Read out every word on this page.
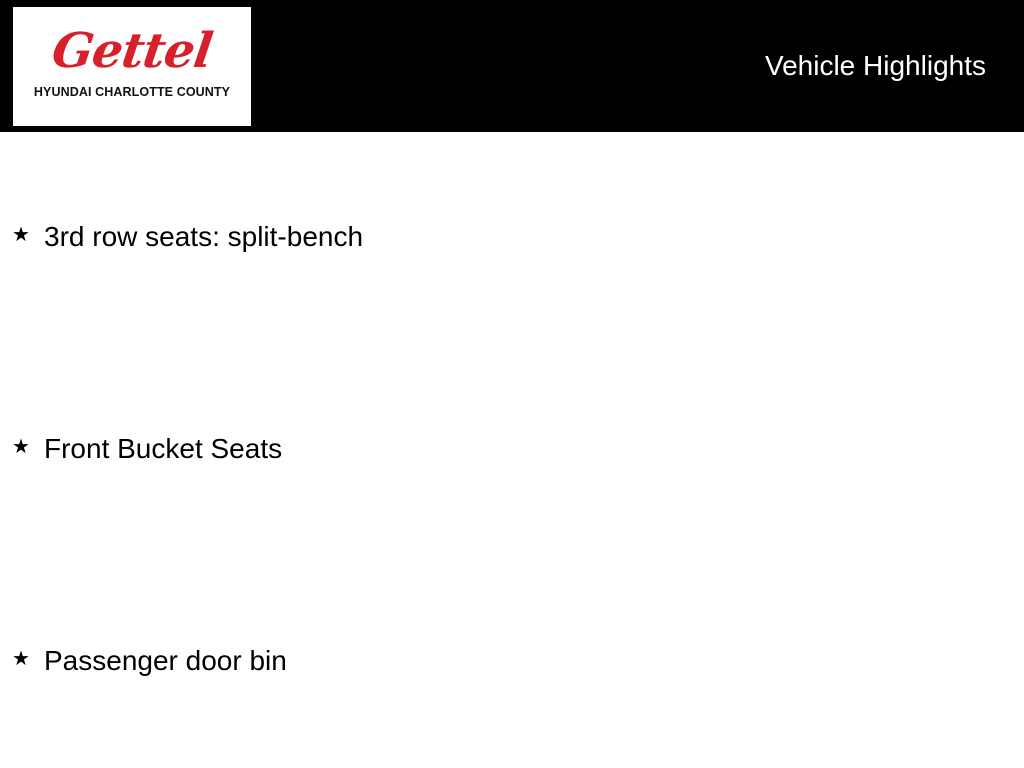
Gettel
HYUNDAI CHARLOTTE COUNTY
Vehicle Highlights
★ 3rd row seats: split-bench
★ Front Bucket Seats
★ Passenger door bin
